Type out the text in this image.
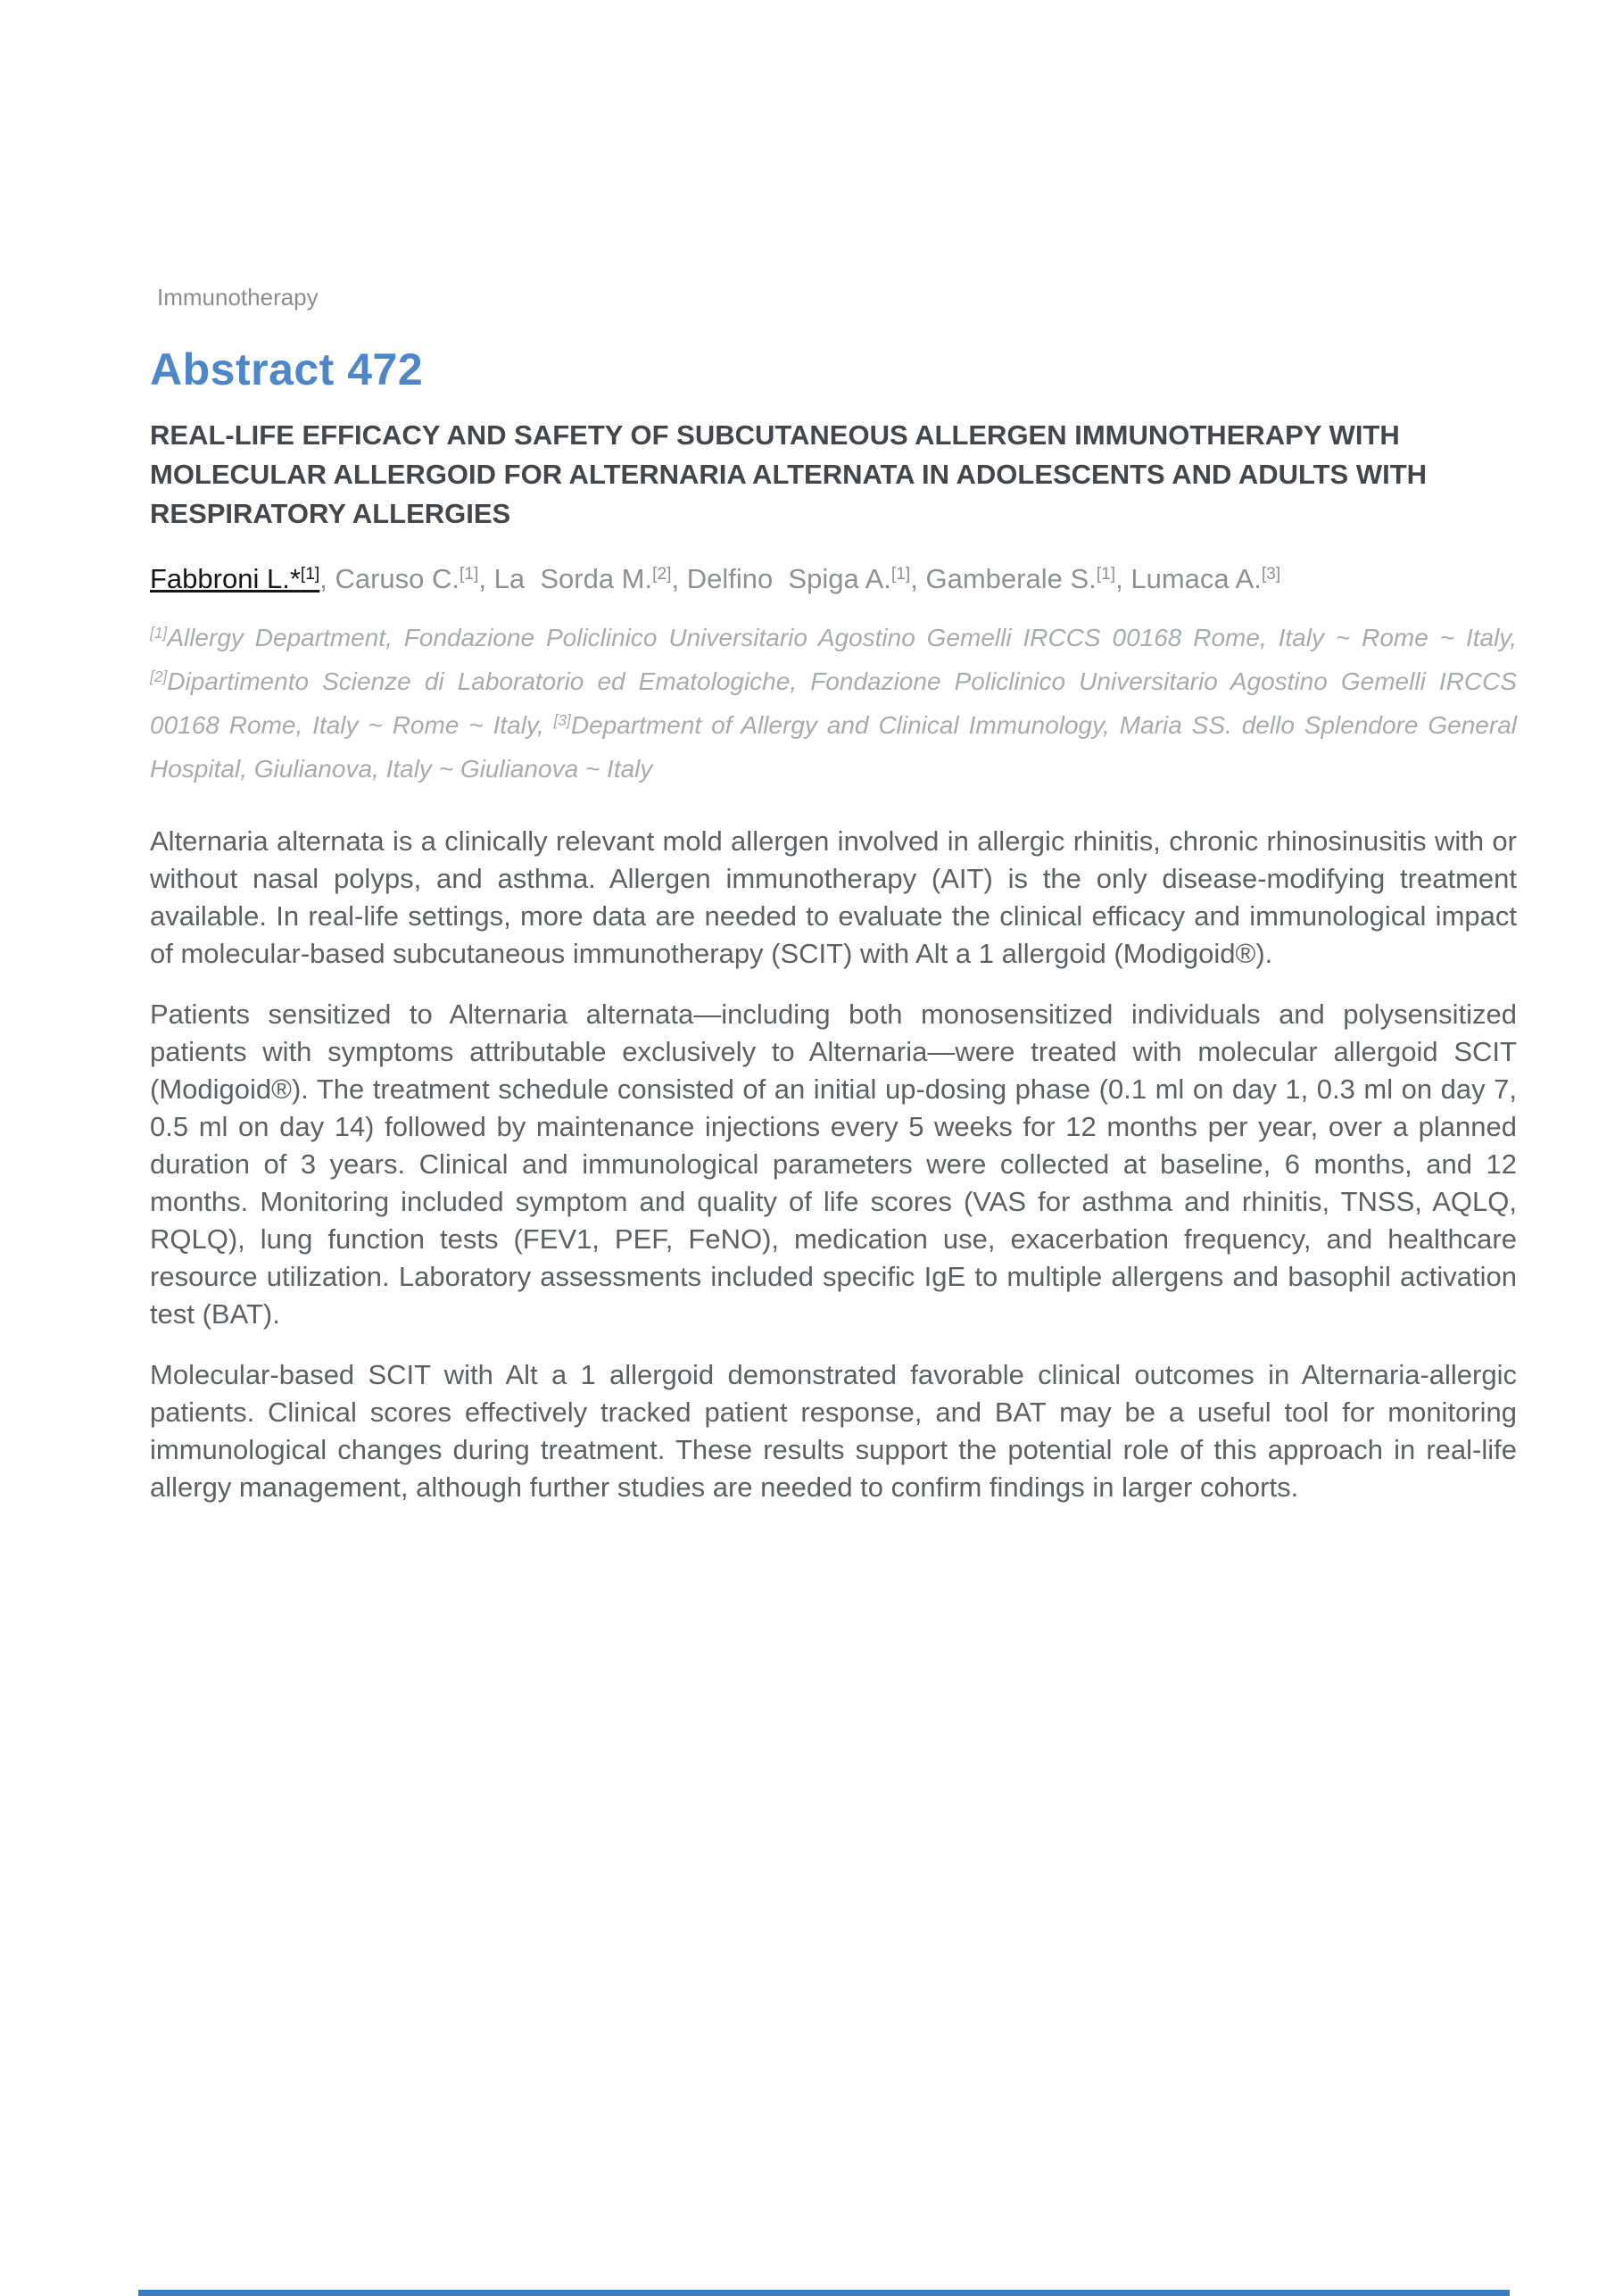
Immunotherapy
Abstract 472
REAL-LIFE EFFICACY AND SAFETY OF SUBCUTANEOUS ALLERGEN IMMUNOTHERAPY WITH MOLECULAR ALLERGOID FOR ALTERNARIA ALTERNATA IN ADOLESCENTS AND ADULTS WITH RESPIRATORY ALLERGIES

Fabbroni L.*[1], Caruso C.[1], La  Sorda M.[2], Delfino  Spiga A.[1], Gamberale S.[1], Lumaca A.[3]

[1]Allergy Department, Fondazione Policlinico Universitario Agostino Gemelli IRCCS 00168 Rome, Italy ~ Rome ~ Italy, [2]Dipartimento Scienze di Laboratorio ed Ematologiche, Fondazione Policlinico Universitario Agostino Gemelli IRCCS 00168 Rome, Italy ~ Rome ~ Italy, [3]Department of Allergy and Clinical Immunology, Maria SS. dello Splendore General Hospital, Giulianova, Italy ~ Giulianova ~ Italy

Alternaria alternata is a clinically relevant mold allergen involved in allergic rhinitis, chronic rhinosinusitis with or without nasal polyps, and asthma. Allergen immunotherapy (AIT) is the only disease-modifying treatment available. In real-life settings, more data are needed to evaluate the clinical efficacy and immunological impact of molecular-based subcutaneous immunotherapy (SCIT) with Alt a 1 allergoid (Modigoid®).

Patients sensitized to Alternaria alternata—including both monosensitized individuals and polysensitized patients with symptoms attributable exclusively to Alternaria—were treated with molecular allergoid SCIT (Modigoid®). The treatment schedule consisted of an initial up-dosing phase (0.1 ml on day 1, 0.3 ml on day 7, 0.5 ml on day 14) followed by maintenance injections every 5 weeks for 12 months per year, over a planned duration of 3 years. Clinical and immunological parameters were collected at baseline, 6 months, and 12 months. Monitoring included symptom and quality of life scores (VAS for asthma and rhinitis, TNSS, AQLQ, RQLQ), lung function tests (FEV1, PEF, FeNO), medication use, exacerbation frequency, and healthcare resource utilization. Laboratory assessments included specific IgE to multiple allergens and basophil activation test (BAT).

Molecular-based SCIT with Alt a 1 allergoid demonstrated favorable clinical outcomes in Alternaria-allergic patients. Clinical scores effectively tracked patient response, and BAT may be a useful tool for monitoring immunological changes during treatment. These results support the potential role of this approach in real-life allergy management, although further studies are needed to confirm findings in larger cohorts.
